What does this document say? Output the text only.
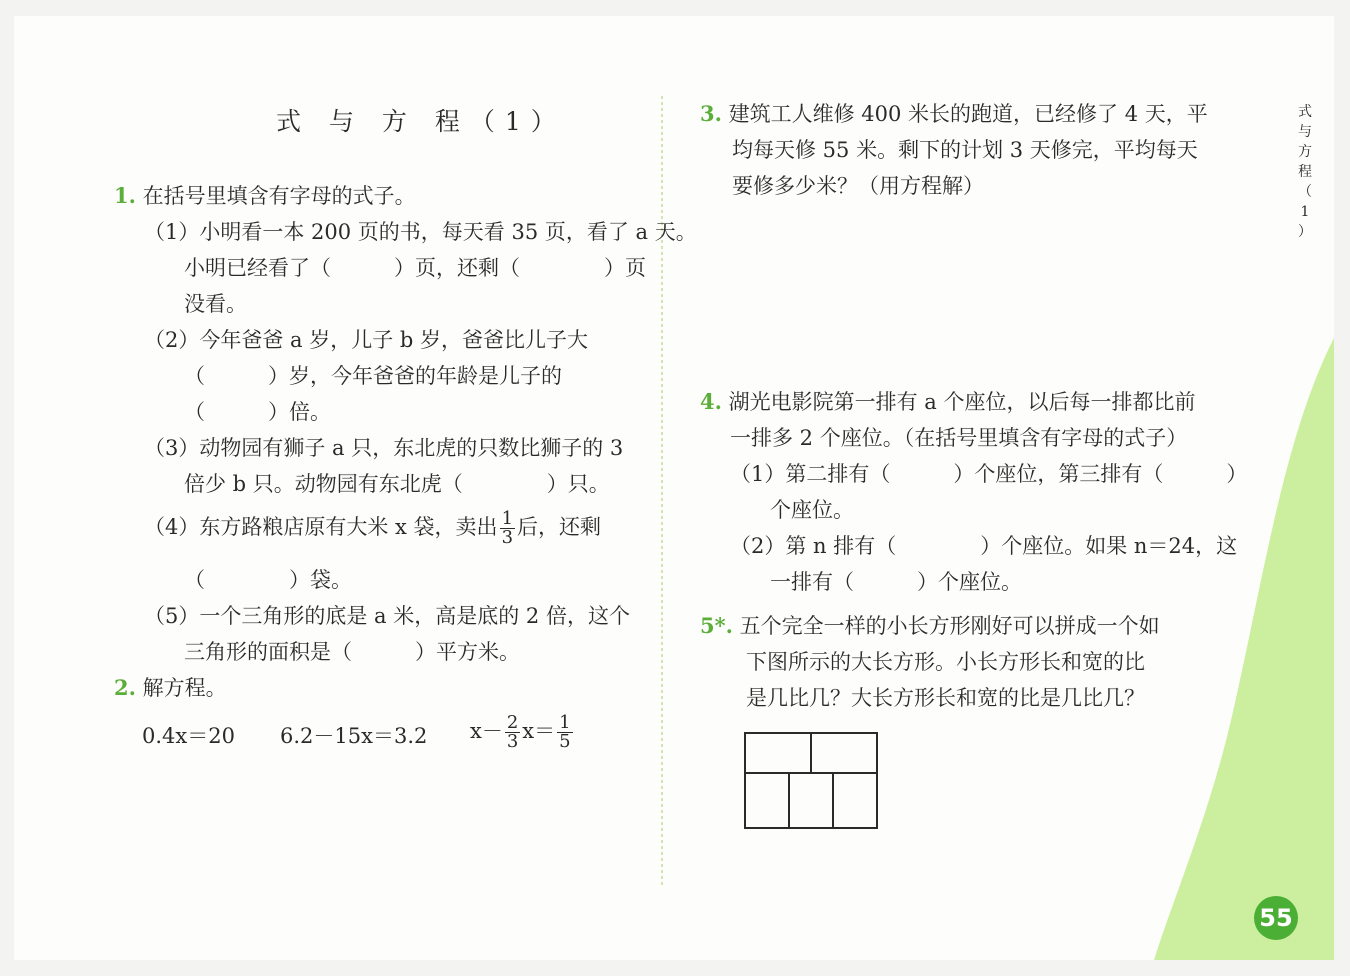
式 与 方 程（1）
1. 在括号里填含有字母的式子。
（1）小明看一本 200 页的书，每天看 35 页，看了 a 天。
小明已经看了（　　　）页，还剩（　　　　）页
没看。
（2）今年爸爸 a 岁，儿子 b 岁，爸爸比儿子大
（　　　）岁，今年爸爸的年龄是儿子的
（　　　）倍。
（3）动物园有狮子 a 只，东北虎的只数比狮子的 3
倍少 b 只。动物园有东北虎（　　　　）只。
（4）东方路粮店原有大米 x 袋，卖出 $\frac{1}{3}$ 后，还剩
（　　　　）袋。
（5）一个三角形的底是 a 米，高是底的 2 倍，这个
三角形的面积是（　　　）平方米。
2. 解方程。
0.4x＝20 6.2－15x＝3.2 $x- \frac{2}{3} x= \frac{1}{5}$
3. 建筑工人维修 400 米长的跑道，已经修了 4 天，平
均每天修 55 米。剩下的计划 3 天修完，平均每天
要修多少米？（用方程解）
4. 湖光电影院第一排有 a 个座位，以后每一排都比前
一排多 2 个座位。（在括号里填含有字母的式子）
（1）第二排有（　　　）个座位，第三排有（　　　）
个座位。
（2）第 n 排有（　　　　）个座位。如果 n＝24，这
一排有（　　　）个座位。
5*. 五个完全一样的小长方形刚好可以拼成一个如
下图所示的大长方形。小长方形长和宽的比
是几比几？大长方形长和宽的比是几比几？
式
与
方
程
（
1
）
55
